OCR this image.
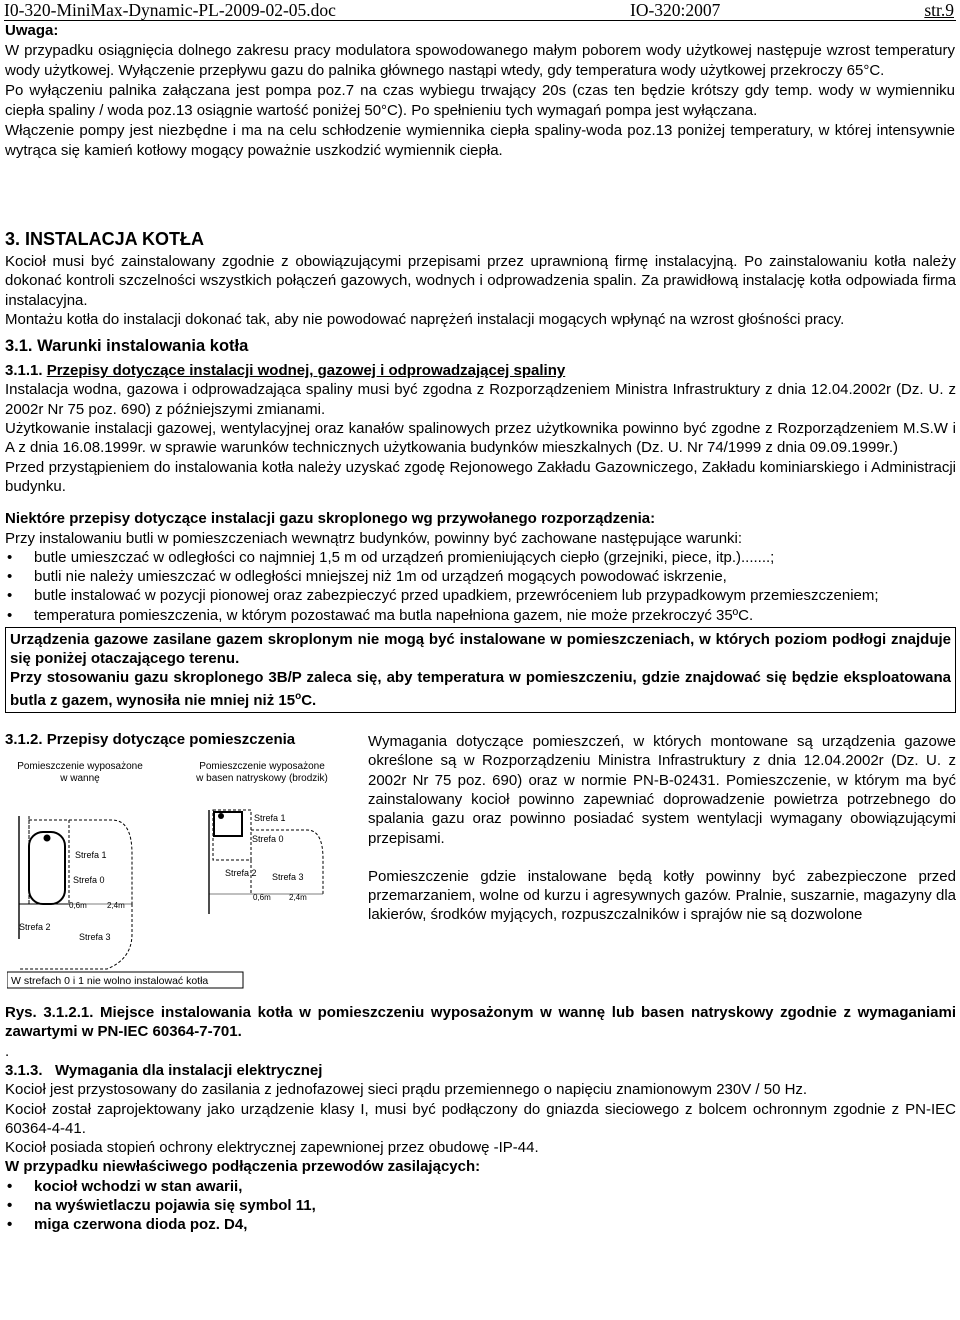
I0-320-MiniMax-Dynamic-PL-2009-02-05.doc	IO-320:2007	str.9

Uwaga:

W przypadku osiągnięcia dolnego zakresu pracy modulatora spowodowanego małym poborem wody użytkowej następuje wzrost temperatury wody użytkowej. Wyłączenie przepływu gazu do palnika głównego nastąpi wtedy, gdy temperatura wody użytkowej przekroczy 65°C.

Po wyłączeniu palnika załączana jest pompa poz.7 na czas wybiegu trwający 20s (czas ten będzie krótszy gdy temp. wody w wymienniku ciepła spaliny / woda poz.13 osiągnie wartość poniżej 50°C). Po spełnieniu tych wymagań pompa jest wyłączana.

Włączenie pompy jest niezbędne i ma na celu schłodzenie wymiennika ciepła spaliny-woda poz.13 poniżej temperatury, w której intensywnie wytrąca się kamień kotłowy mogący poważnie uszkodzić wymiennik ciepła.

3. INSTALACJA KOTŁA

Kocioł musi być zainstalowany zgodnie z obowiązującymi przepisami przez uprawnioną firmę instalacyjną. Po zainstalowaniu kotła należy dokonać kontroli szczelności wszystkich połączeń gazowych, wodnych i odprowadzenia spalin. Za prawidłową instalację kotła odpowiada firma instalacyjna.

Montażu kotła do instalacji dokonać tak, aby nie powodować naprężeń instalacji mogących wpłynąć na wzrost głośności pracy.

3.1. Warunki instalowania kotła

3.1.1. Przepisy dotyczące instalacji wodnej, gazowej i odprowadzającej spaliny

Instalacja wodna, gazowa i odprowadzająca spaliny musi być zgodna z Rozporządzeniem Ministra Infrastruktury z dnia 12.04.2002r (Dz. U. z 2002r Nr 75 poz. 690) z późniejszymi zmianami.

Użytkowanie instalacji gazowej, wentylacyjnej oraz kanałów spalinowych przez użytkownika powinno być zgodne z Rozporządzeniem M.S.W i A z dnia 16.08.1999r. w sprawie warunków technicznych użytkowania budynków mieszkalnych (Dz. U. Nr 74/1999 z dnia 09.09.1999r.)

Przed przystąpieniem do instalowania kotła należy uzyskać zgodę Rejonowego Zakładu Gazowniczego, Zakładu kominiarskiego i Administracji budynku.

Niektóre przepisy dotyczące instalacji gazu skroplonego wg przywołanego rozporządzenia:

Przy instalowaniu butli w pomieszczeniach wewnątrz budynków, powinny być zachowane następujące warunki:

• butle umieszczać w odległości co najmniej 1,5 m od urządzeń promieniujących ciepło (grzejniki, piece, itp.).......;
• butli nie należy umieszczać w odległości mniejszej niż 1m od urządzeń mogących powodować iskrzenie,
• butle instalować w pozycji pionowej oraz zabezpieczyć przed upadkiem, przewróceniem lub przypadkowym przemieszczeniem;
• temperatura pomieszczenia, w którym pozostawać ma butla napełniona gazem, nie może przekroczyć 35ºC.
Urządzenia gazowe zasilane gazem skroplonym nie mogą być instalowane w pomieszczeniach, w których poziom podłogi znajduje się poniżej otaczającego terenu.
Przy stosowaniu gazu skroplonego 3B/P zaleca się, aby temperatura w pomieszczeniu, gdzie znajdować się będzie eksploatowana butla z gazem, wynosiła nie mniej niż 15$^o$C.
3.1.2. Przepisy dotyczące pomieszczenia
Pomieszczenie wyposażone
w wannę
Strefa 1
Strefa 0
Strefa 2
Strefa 3
0,6m	2,4m
Pomieszczenie wyposażone
w basen natryskowy (brodzik)
Strefa 1
Strefa 0
Strefa 2 Strefa 3
0,6m 2,4m
W strefach 0 i 1 nie wolno instalować kotła

Wymagania dotyczące pomieszczeń, w których montowane są urządzenia gazowe określone są w Rozporządzeniu Ministra Infrastruktury z dnia 12.04.2002r (Dz. U. z 2002r Nr 75 poz. 690) oraz w normie PN-B-02431. Pomieszczenie, w którym ma być zainstalowany kocioł powinno zapewniać doprowadzenie powietrza potrzebnego do spalania gazu oraz powinno posiadać system wentylacji wymagany obowiązującymi przepisami.

Pomieszczenie gdzie instalowane będą kotły powinny być zabezpieczone przed przemarzaniem, wolne od kurzu i agresywnych gazów. Pralnie, suszarnie, magazyny dla lakierów, środków myjących, rozpuszczalników i sprajów nie są dozwolone

Rys. 3.1.2.1. Miejsce instalowania kotła w pomieszczeniu wyposażonym w wannę lub basen natryskowy zgodnie z wymaganiami zawartymi w PN-IEC 60364-7-701.

.

3.1.3. Wymagania dla instalacji elektrycznej

Kocioł jest przystosowany do zasilania z jednofazowej sieci prądu przemiennego o napięciu znamionowym 230V / 50 Hz.

Kocioł został zaprojektowany jako urządzenie klasy I, musi być podłączony do gniazda sieciowego z bolcem ochronnym zgodnie z PN-IEC 60364-4-41.

Kocioł posiada stopień ochrony elektrycznej zapewnionej przez obudowę -IP-44.

W przypadku niewłaściwego podłączenia przewodów zasilających:

• kocioł wchodzi w stan awarii,
• na wyświetlaczu pojawia się symbol 11,
• miga czerwona dioda poz. D4,
